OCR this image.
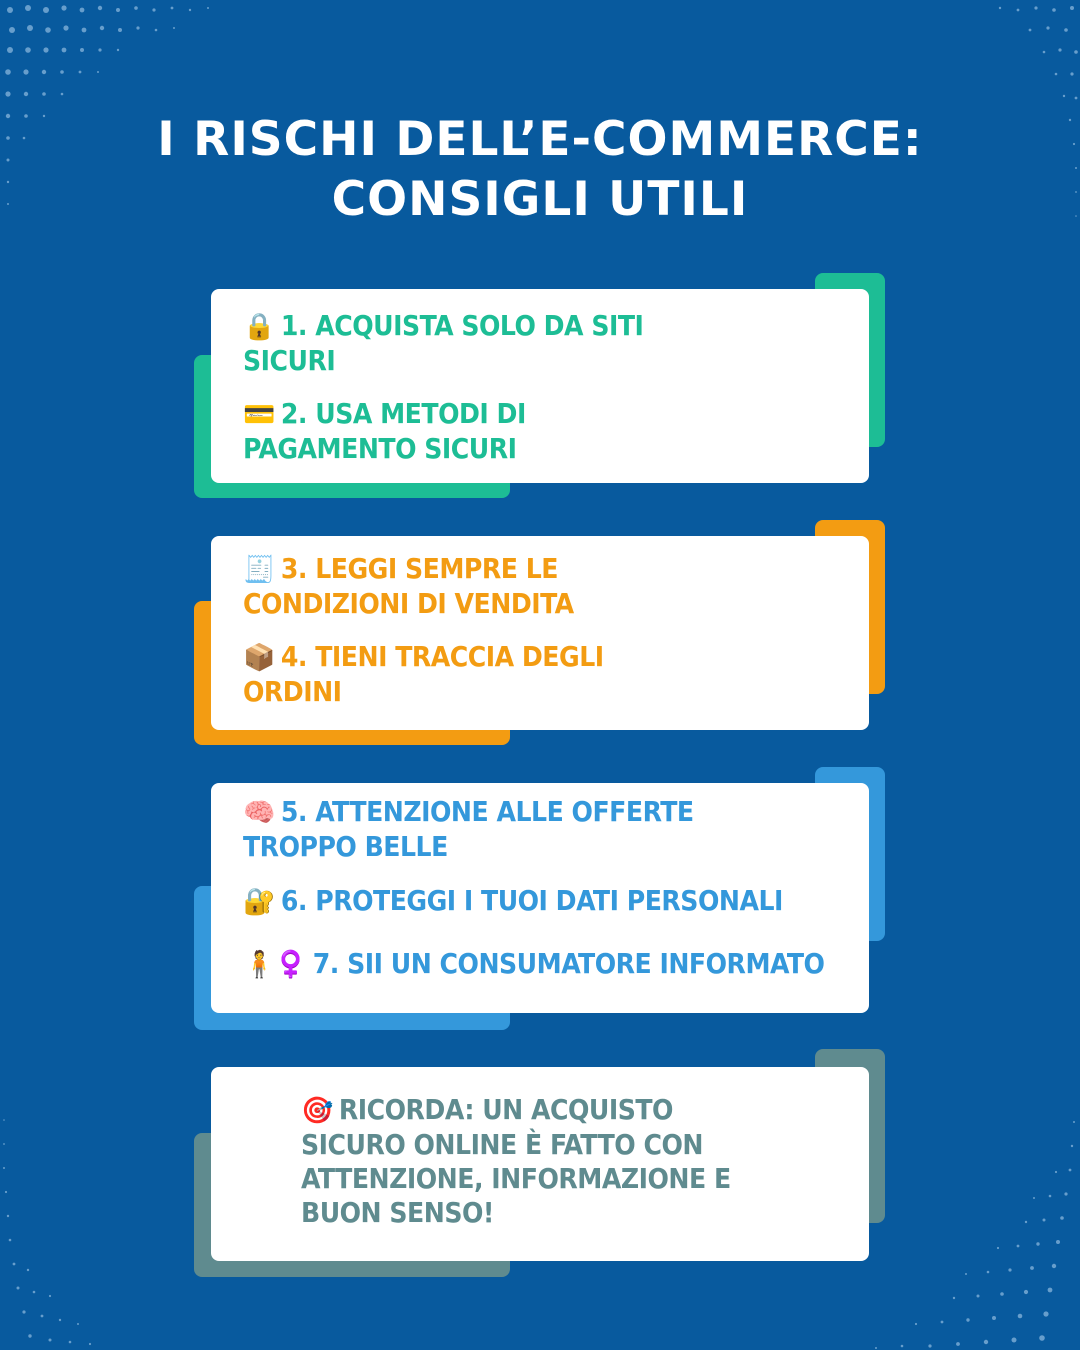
I RISCHI DELL’E-COMMERCE:
CONSIGLI UTILI
🔒 1. ACQUISTA SOLO DA SITI
SICURI
💳 2. USA METODI DI
PAGAMENTO SICURI
🧾 3. LEGGI SEMPRE LE
CONDIZIONI DI VENDITA
📦 4. TIENI TRACCIA DEGLI
ORDINI
🧠 5. ATTENZIONE ALLE OFFERTE
TROPPO BELLE
🔐 6. PROTEGGI I TUOI DATI PERSONALI
🧍♀️ 7. SII UN CONSUMATORE INFORMATO
🎯 RICORDA: UN ACQUISTO
SICURO ONLINE È FATTO CON
ATTENZIONE, INFORMAZIONE E
BUON SENSO!
